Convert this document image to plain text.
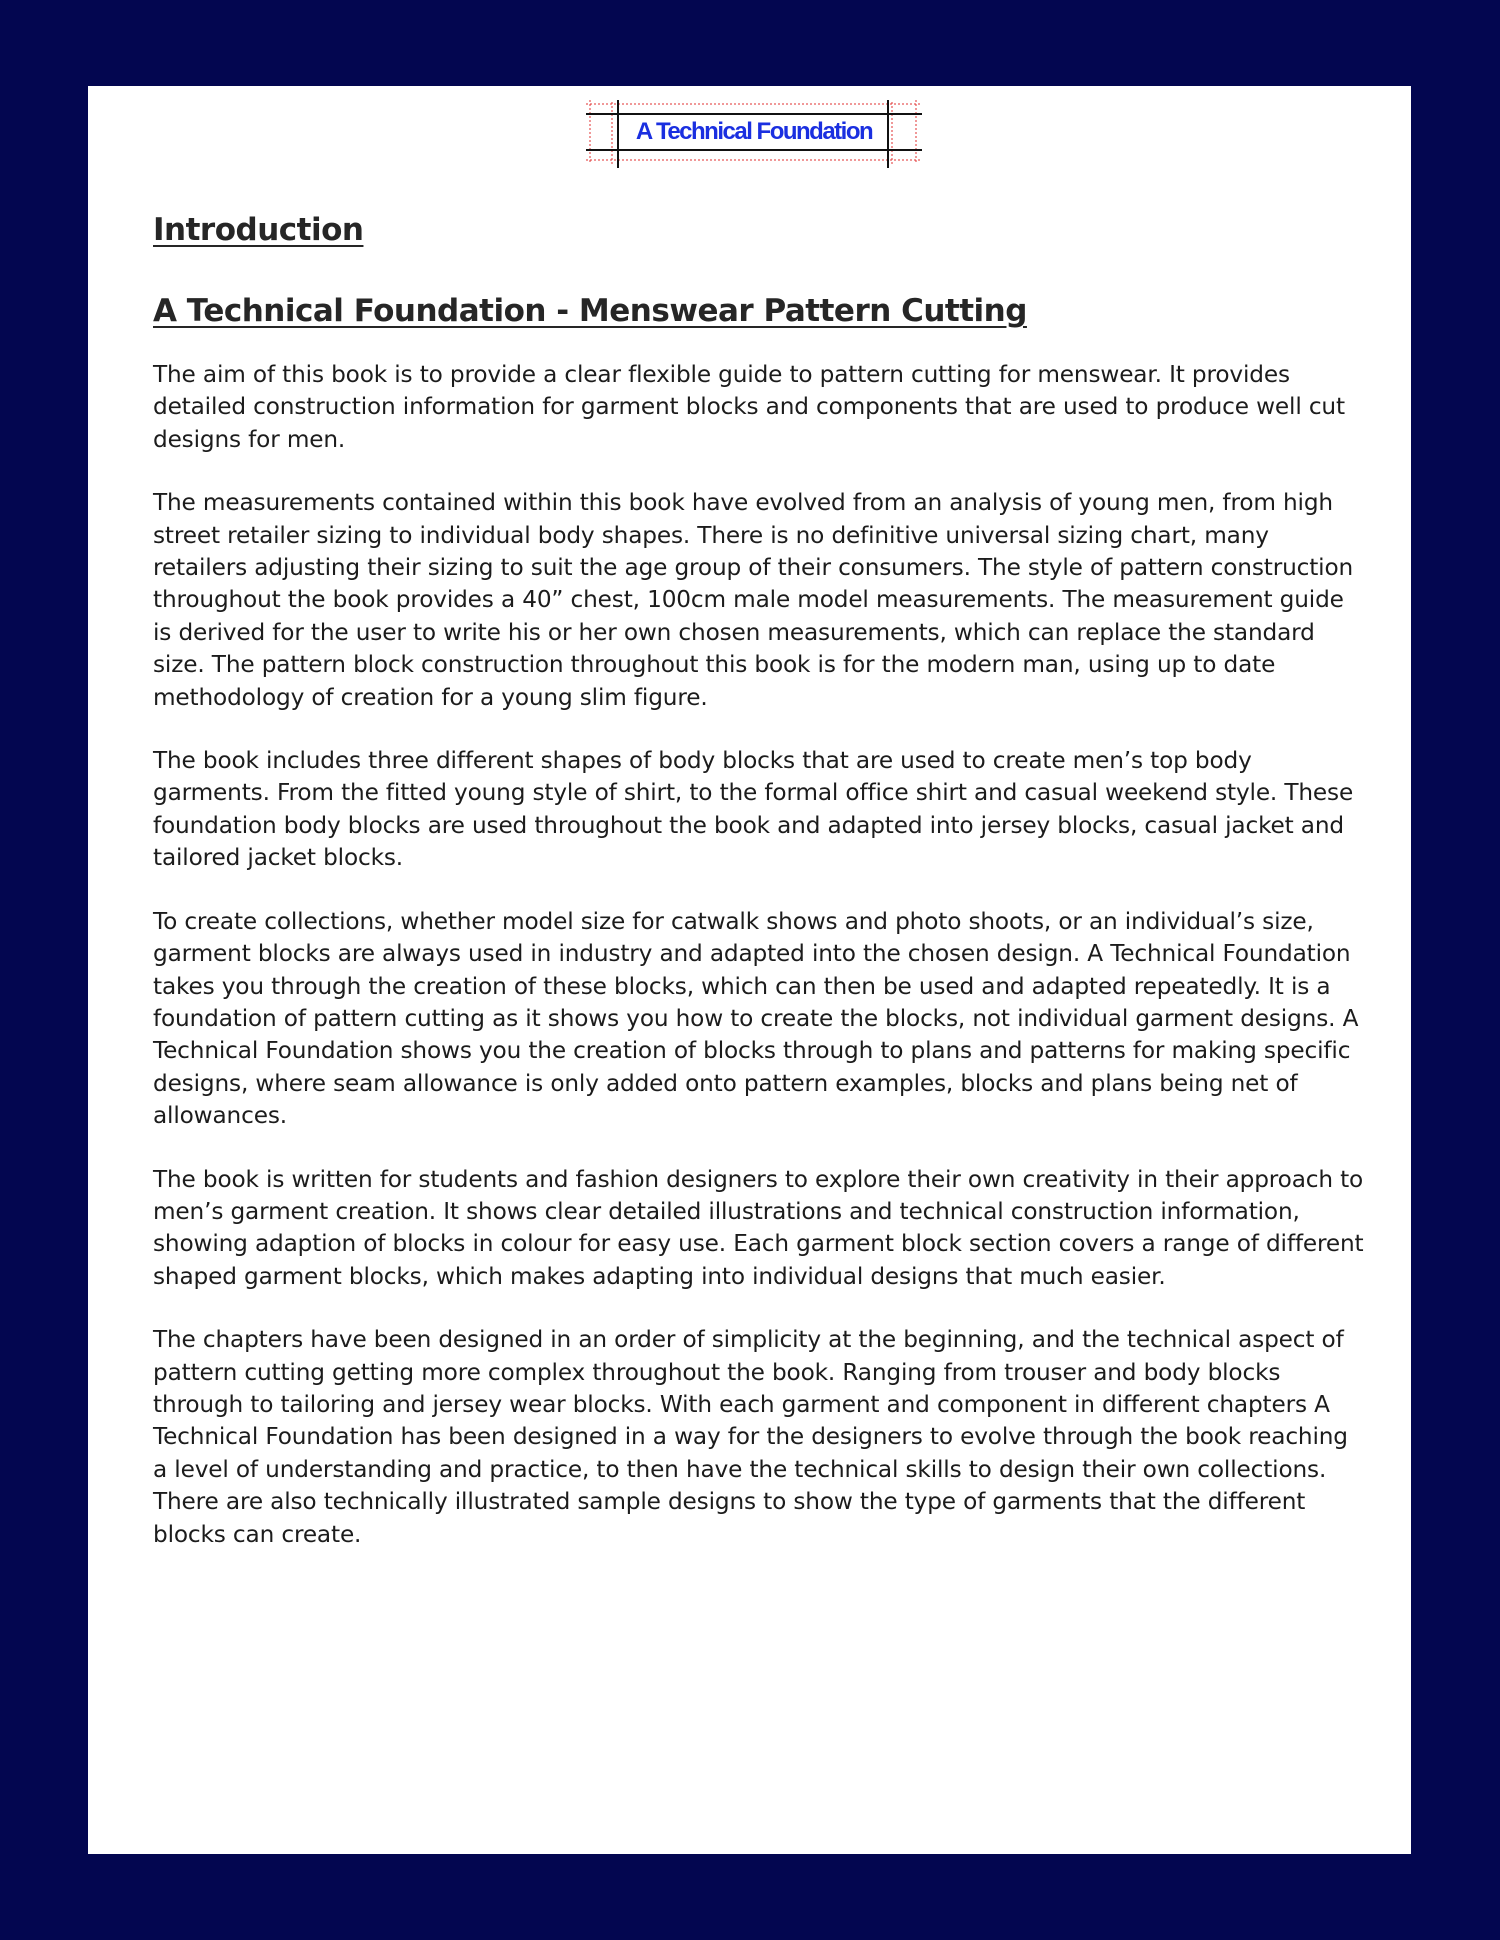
A Technical Foundation
Introduction
A Technical Foundation - Menswear Pattern Cutting

The aim of this book is to provide a clear flexible guide to pattern cutting for menswear. It provides detailed construction information for garment blocks and components that are used to produce well cut designs for men.

The measurements contained within this book have evolved from an analysis of young men, from high street retailer sizing to individual body shapes. There is no definitive universal sizing chart, many retailers adjusting their sizing to suit the age group of their consumers. The style of pattern construction throughout the book provides a 40” chest, 100cm male model measurements. The measurement guide is derived for the user to write his or her own chosen measurements, which can replace the standard size. The pattern block construction throughout this book is for the modern man, using up to date methodology of creation for a young slim figure.

The book includes three different shapes of body blocks that are used to create men’s top body garments. From the fitted young style of shirt, to the formal office shirt and casual weekend style. These foundation body blocks are used throughout the book and adapted into jersey blocks, casual jacket and tailored jacket blocks.

To create collections, whether model size for catwalk shows and photo shoots, or an individual’s size, garment blocks are always used in industry and adapted into the chosen design. A Technical Foundation takes you through the creation of these blocks, which can then be used and adapted repeatedly. It is a foundation of pattern cutting as it shows you how to create the blocks, not individual garment designs. A Technical Foundation shows you the creation of blocks through to plans and patterns for making specific designs, where seam allowance is only added onto pattern examples, blocks and plans being net of allowances.

The book is written for students and fashion designers to explore their own creativity in their approach to men’s garment creation. It shows clear detailed illustrations and technical construction information, showing adaption of blocks in colour for easy use. Each garment block section covers a range of different shaped garment blocks, which makes adapting into individual designs that much easier.

The chapters have been designed in an order of simplicity at the beginning, and the technical aspect of pattern cutting getting more complex throughout the book. Ranging from trouser and body blocks through to tailoring and jersey wear blocks. With each garment and component in different chapters A Technical Foundation has been designed in a way for the designers to evolve through the book reaching a level of understanding and practice, to then have the technical skills to design their own collections. There are also technically illustrated sample designs to show the type of garments that the different blocks can create.
